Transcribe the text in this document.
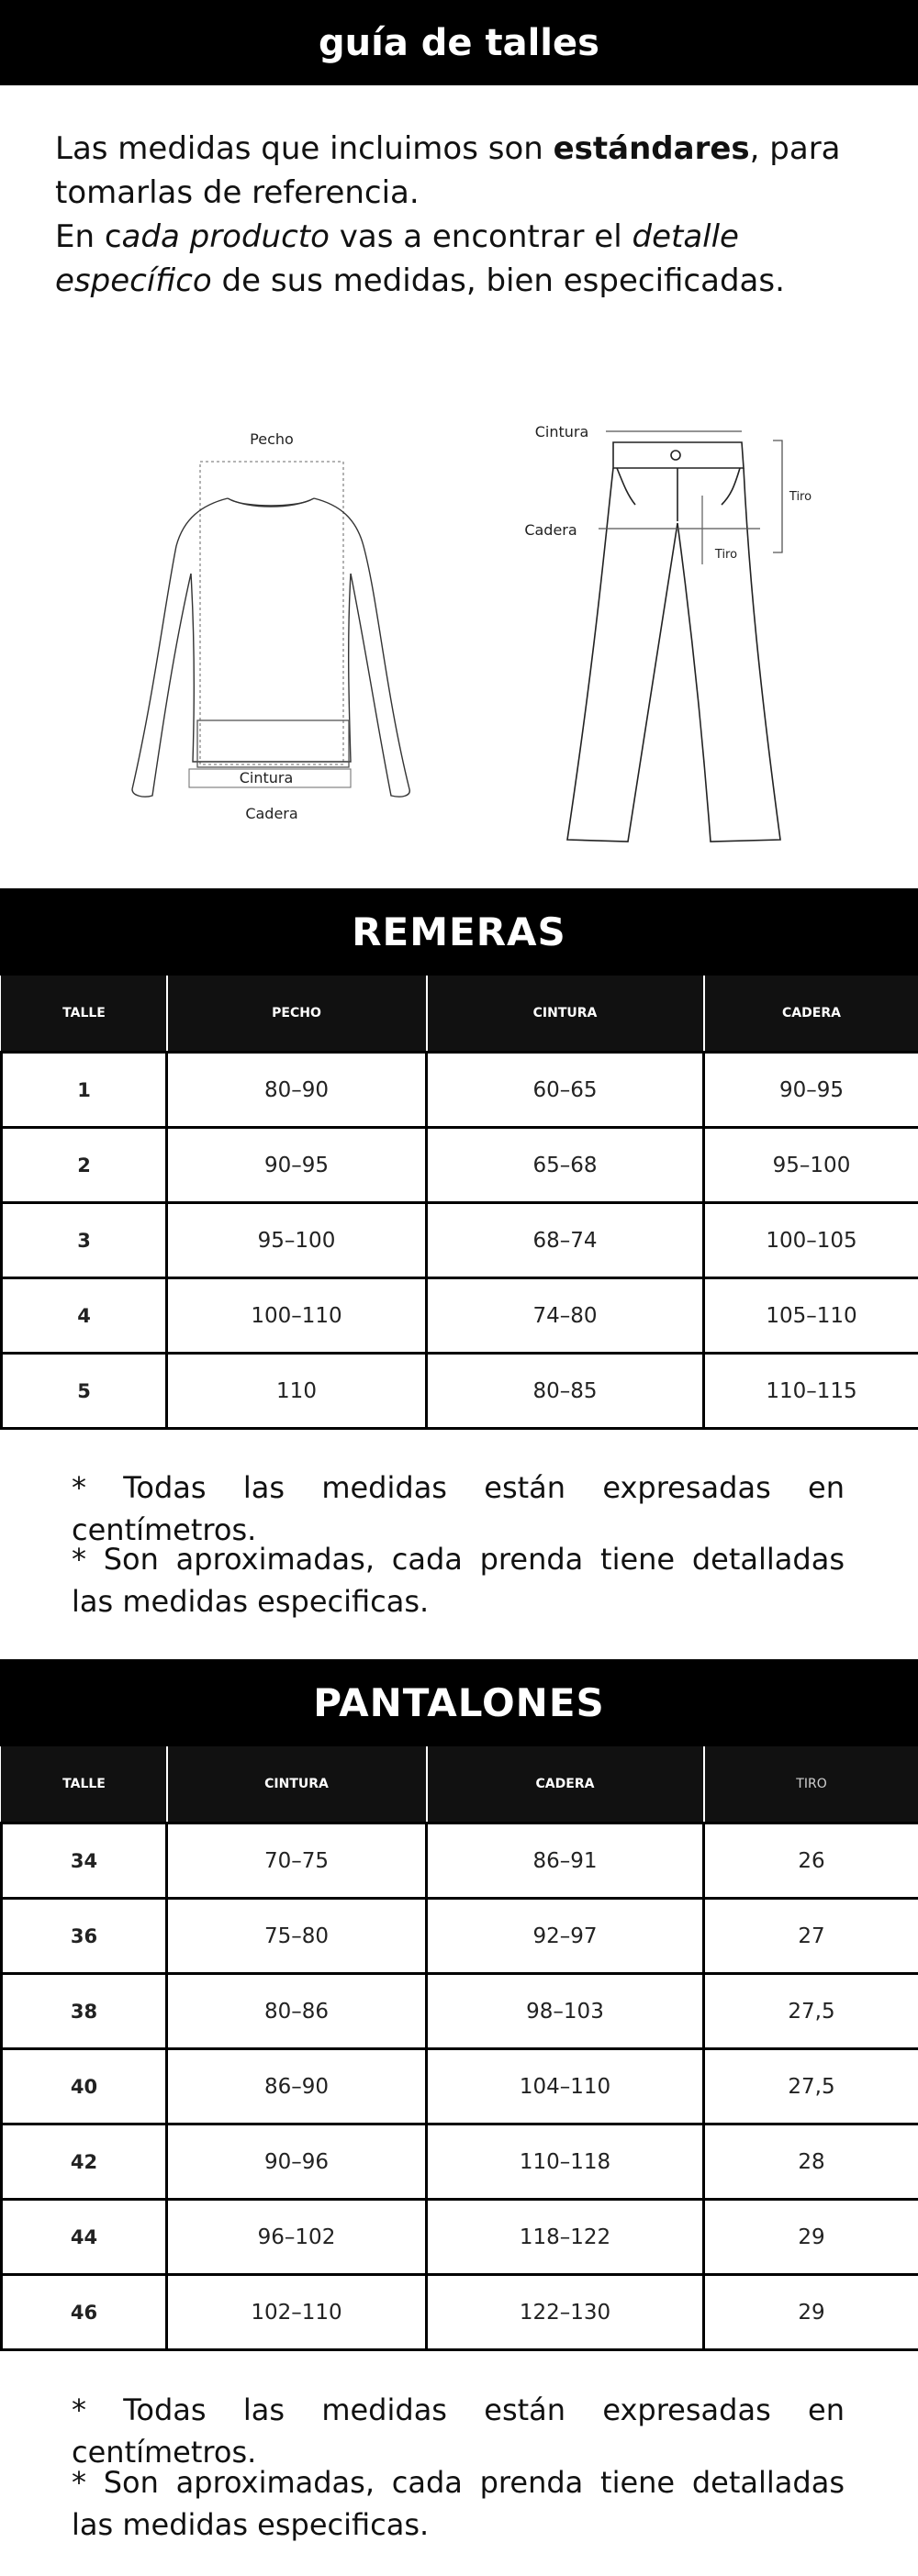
guía de talles

Las medidas que incluimos son estándares, para tomarlas de referencia.

En cada producto vas a encontrar el detalle específico de sus medidas, bien especificadas.

Pecho
Cintura
Cadera
Cintura
Cadera
Tiro
Tiro
REMERAS
TALLE	PECHO	CINTURA	CADERA
1	80–90	60–65	90–95
2	90–95	65–68	95–100
3	95–100	68–74	100–105
4	100–110	74–80	105–110
5	110	80–85	110–115

* Todas las medidas están expresadas en centímetros.

* Son aproximadas, cada prenda tiene detalladas las medidas especificas.

PANTALONES
TALLE	CINTURA	CADERA	TIRO
34	70–75	86–91	26
36	75–80	92–97	27
38	80–86	98–103	27,5
40	86–90	104–110	27,5
42	90–96	110–118	28
44	96–102	118–122	29
46	102–110	122–130	29

* Todas las medidas están expresadas en centímetros.

* Son aproximadas, cada prenda tiene detalladas las medidas especificas.
